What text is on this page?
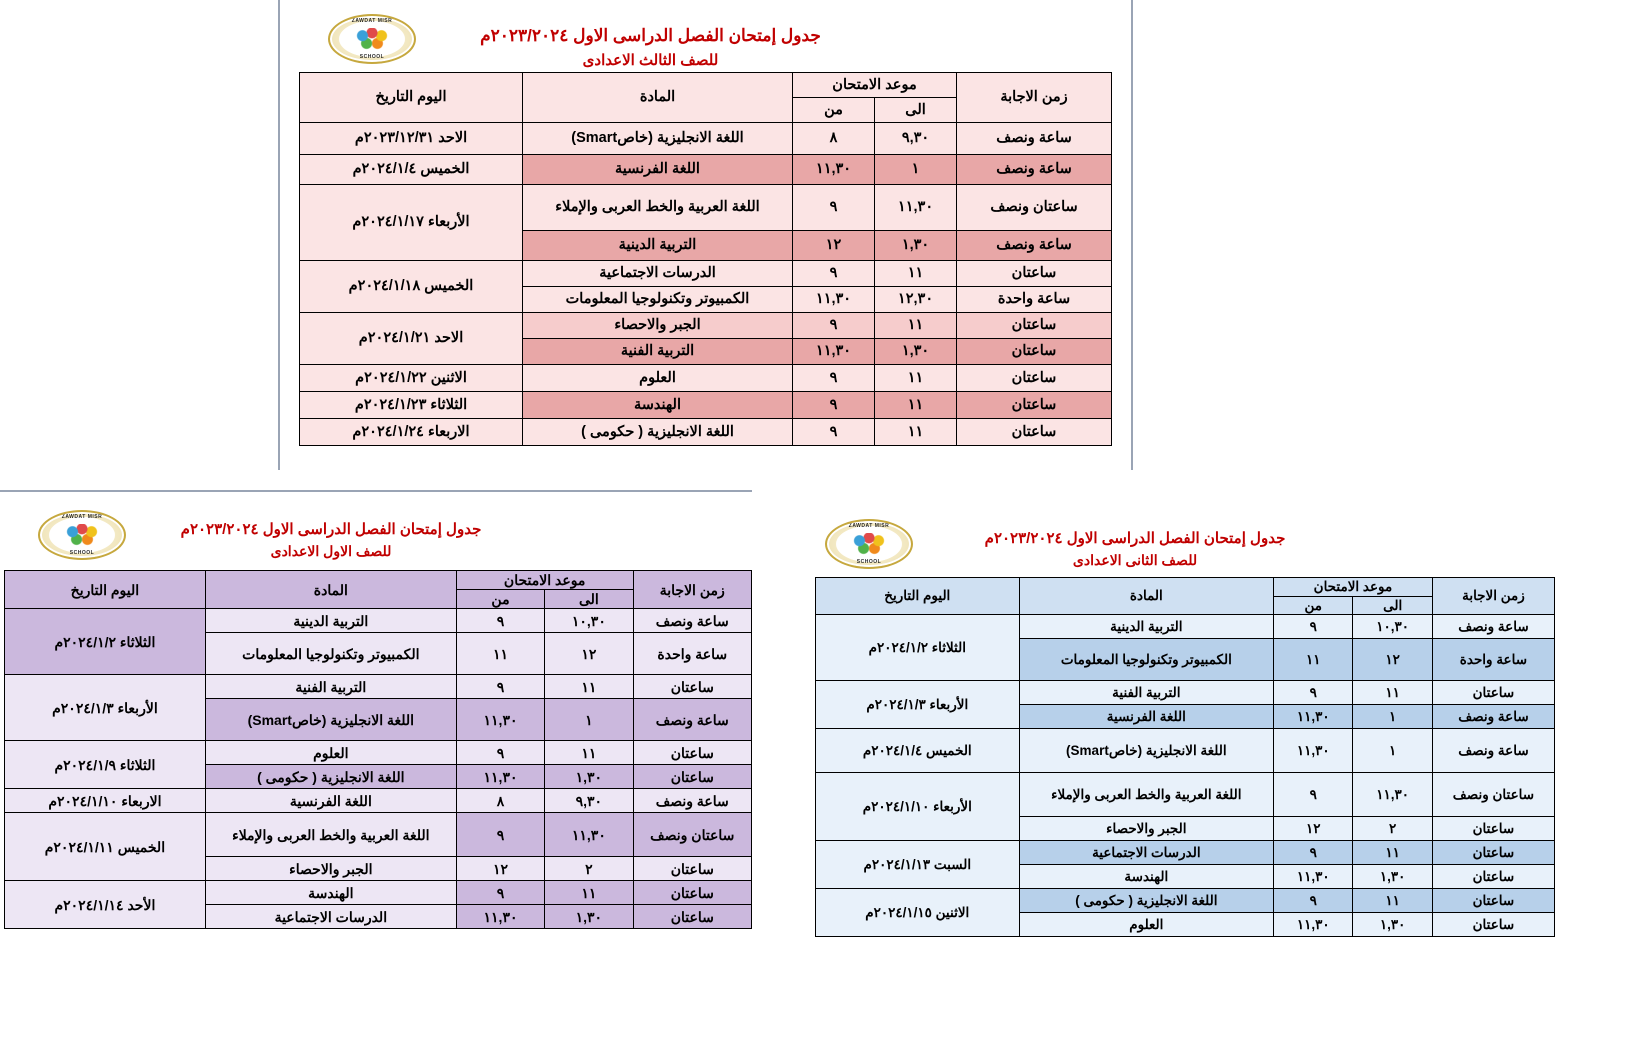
ZAWDAT MISR
SCHOOL
جدول إمتحان الفصل الدراسى الاول ٢٠٢٣/٢٠٢٤م
للصف الثالث الاعدادى
زمن الاجابة	موعد الامتحان		المادة	اليوم التاريخ
	الى	من		
ساعة ونصف	٩,٣٠	٨	اللغة الانجليزية (خاصSmart)	الاحد ٢٠٢٣/١٢/٣١م
ساعة ونصف	١	١١,٣٠	اللغة الفرنسية	الخميس ٢٠٢٤/١/٤م
ساعتان ونصف	١١,٣٠	٩	اللغة العربية والخط العربى والإملاء	الأربعاء ٢٠٢٤/١/١٧م
ساعة ونصف	١,٣٠	١٢	التربية الدينية	
ساعتان	١١	٩	الدرسات الاجتماعية	الخميس ٢٠٢٤/١/١٨م
ساعة واحدة	١٢,٣٠	١١,٣٠	الكمبيوتر وتكنولوجيا المعلومات	
ساعتان	١١	٩	الجبر والاحصاء	الاحد ٢٠٢٤/١/٢١م
ساعتان	١,٣٠	١١,٣٠	التربية الفنية	
ساعتان	١١	٩	العلوم	الاثنين ٢٠٢٤/١/٢٢م
ساعتان	١١	٩	الهندسة	الثلاثاء ٢٠٢٤/١/٢٣م
ساعتان	١١	٩	اللغة الانجليزية ( حكومى )	الاربعاء ٢٠٢٤/١/٢٤م
ZAWDAT MISR
SCHOOL
جدول إمتحان الفصل الدراسى الاول ٢٠٢٣/٢٠٢٤م
للصف الاول الاعدادى
زمن الاجابة	موعد الامتحان		المادة	اليوم التاريخ
	الى	من		
ساعة ونصف	١٠,٣٠	٩	التربية الدينية	الثلاثاء ٢٠٢٤/١/٢م
ساعة واحدة	١٢	١١	الكمبيوتر وتكنولوجيا المعلومات	
ساعتان	١١	٩	التربية الفنية	الأربعاء ٢٠٢٤/١/٣م
ساعة ونصف	١	١١,٣٠	اللغة الانجليزية (خاصSmart)	
ساعتان	١١	٩	العلوم	الثلاثاء ٢٠٢٤/١/٩م
ساعتان	١,٣٠	١١,٣٠	اللغة الانجليزية ( حكومى )	
ساعة ونصف	٩,٣٠	٨	اللغة الفرنسية	الاربعاء ٢٠٢٤/١/١٠م
ساعتان ونصف	١١,٣٠	٩	اللغة العربية والخط العربى والإملاء	الخميس ٢٠٢٤/١/١١م
ساعتان	٢	١٢	الجبر والاحصاء	
ساعتان	١١	٩	الهندسة	الأحد ٢٠٢٤/١/١٤م
ساعتان	١,٣٠	١١,٣٠	الدرسات الاجتماعية	
ZAWDAT MISR
SCHOOL
جدول إمتحان الفصل الدراسى الاول ٢٠٢٣/٢٠٢٤م
للصف الثانى الاعدادى
زمن الاجابة	موعد الامتحان		المادة	اليوم التاريخ
	الى	من		
ساعة ونصف	١٠,٣٠	٩	التربية الدينية	الثلاثاء ٢٠٢٤/١/٢م
ساعة واحدة	١٢	١١	الكمبيوتر وتكنولوجيا المعلومات	
ساعتان	١١	٩	التربية الفنية	الأربعاء ٢٠٢٤/١/٣م
ساعة ونصف	١	١١,٣٠	اللغة الفرنسية	
ساعة ونصف	١	١١,٣٠	اللغة الانجليزية (خاصSmart)	الخميس ٢٠٢٤/١/٤م
ساعتان ونصف	١١,٣٠	٩	اللغة العربية والخط العربى والإملاء	الأربعاء ٢٠٢٤/١/١٠م
ساعتان	٢	١٢	الجبر والاحصاء	
ساعتان	١١	٩	الدرسات الاجتماعية	السبت ٢٠٢٤/١/١٣م
ساعتان	١,٣٠	١١,٣٠	الهندسة	
ساعتان	١١	٩	اللغة الانجليزية ( حكومى )	الاثنين ٢٠٢٤/١/١٥م
ساعتان	١,٣٠	١١,٣٠	العلوم	
